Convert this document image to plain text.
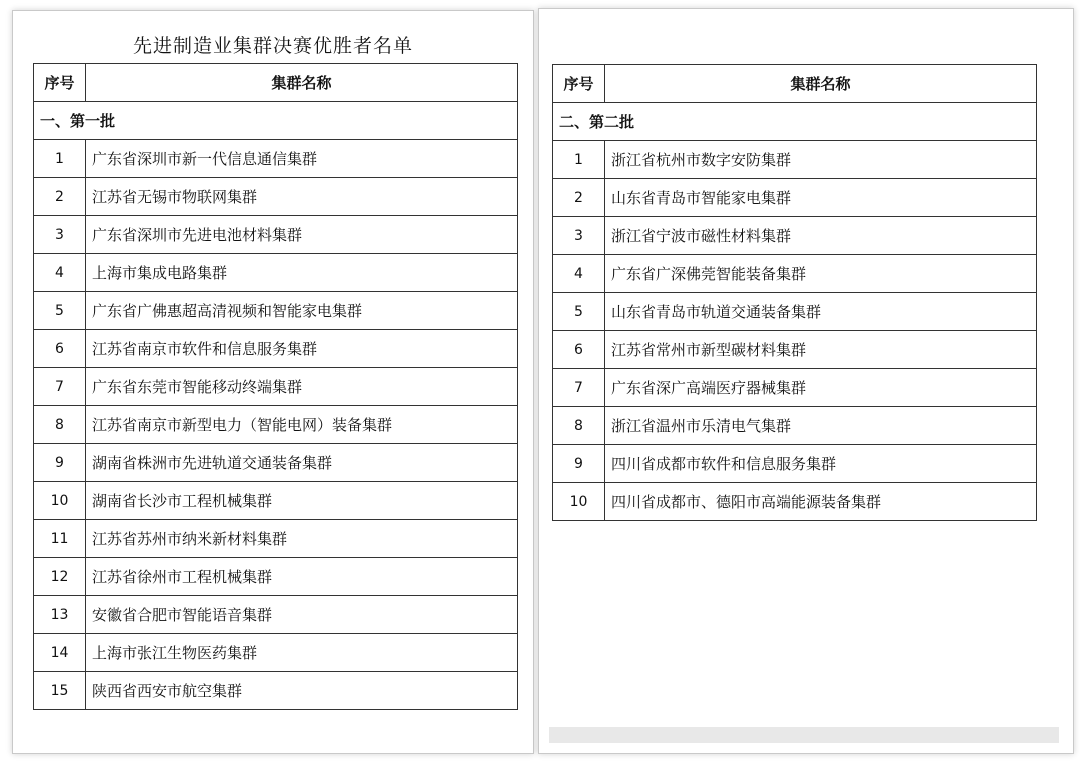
先进制造业集群决赛优胜者名单
序号	集群名称
一、第一批	
1	广东省深圳市新一代信息通信集群
2	江苏省无锡市物联网集群
3	广东省深圳市先进电池材料集群
4	上海市集成电路集群
5	广东省广佛惠超高清视频和智能家电集群
6	江苏省南京市软件和信息服务集群
7	广东省东莞市智能移动终端集群
8	江苏省南京市新型电力（智能电网）装备集群
9	湖南省株洲市先进轨道交通装备集群
10	湖南省长沙市工程机械集群
11	江苏省苏州市纳米新材料集群
12	江苏省徐州市工程机械集群
13	安徽省合肥市智能语音集群
14	上海市张江生物医药集群
15	陕西省西安市航空集群
序号	集群名称
二、第二批	
1	浙江省杭州市数字安防集群
2	山东省青岛市智能家电集群
3	浙江省宁波市磁性材料集群
4	广东省广深佛莞智能装备集群
5	山东省青岛市轨道交通装备集群
6	江苏省常州市新型碳材料集群
7	广东省深广高端医疗器械集群
8	浙江省温州市乐清电气集群
9	四川省成都市软件和信息服务集群
10	四川省成都市、德阳市高端能源装备集群
